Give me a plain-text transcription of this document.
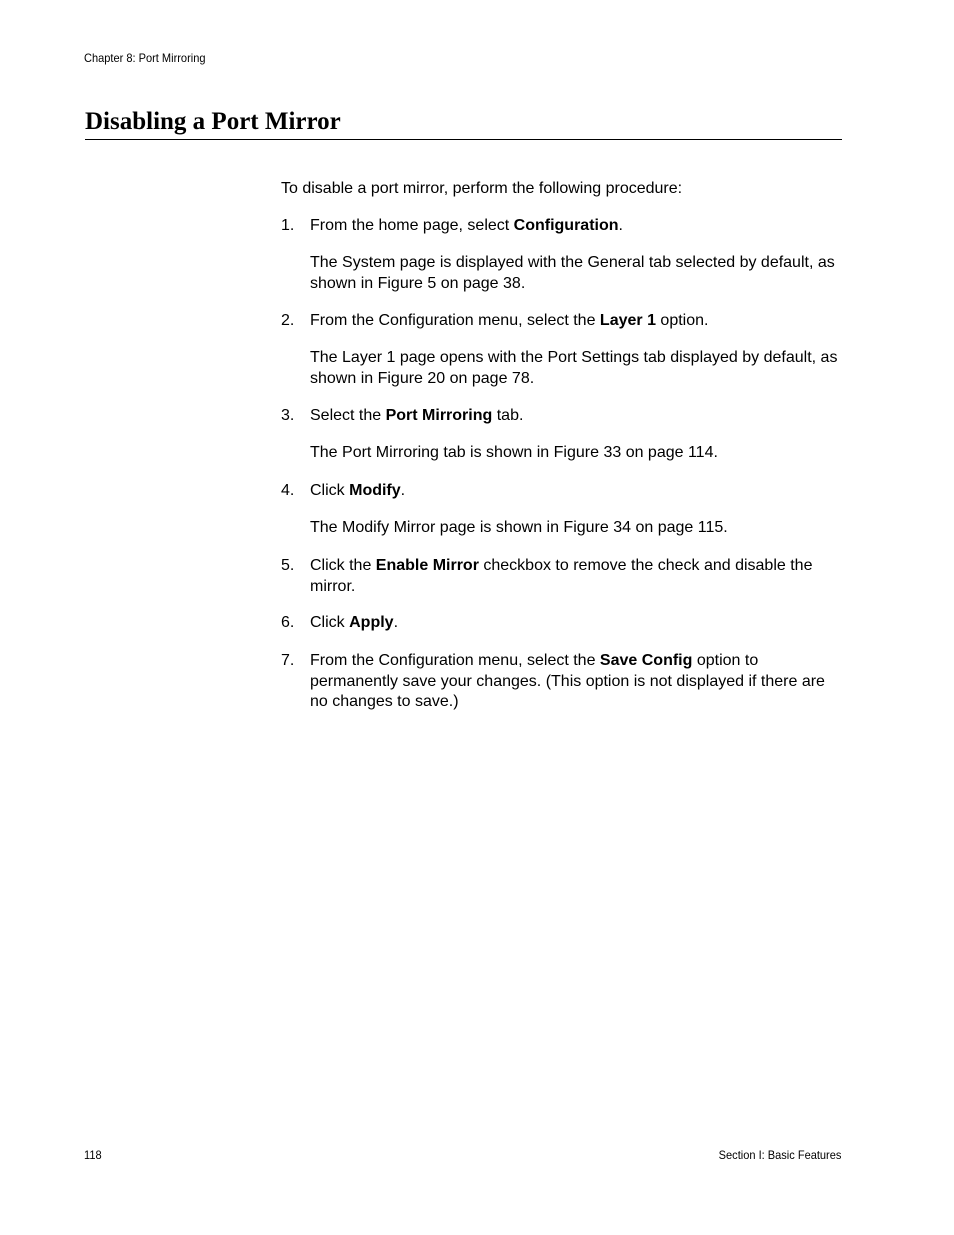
Chapter 8: Port Mirroring
Disabling a Port Mirror

To disable a port mirror, perform the following procedure:

1. From the home page, select Configuration.

The System page is displayed with the General tab selected by default, as shown in Figure 5 on page 38.

2. From the Configuration menu, select the Layer 1 option.

The Layer 1 page opens with the Port Settings tab displayed by default, as shown in Figure 20 on page 78.

3. Select the Port Mirroring tab.

The Port Mirroring tab is shown in Figure 33 on page 114.

4. Click Modify.

The Modify Mirror page is shown in Figure 34 on page 115.

5. Click the Enable Mirror checkbox to remove the check and disable the mirror.

6. Click Apply.

7. From the Configuration menu, select the Save Config option to permanently save your changes. (This option is not displayed if there are no changes to save.)

118	Section I: Basic Features
